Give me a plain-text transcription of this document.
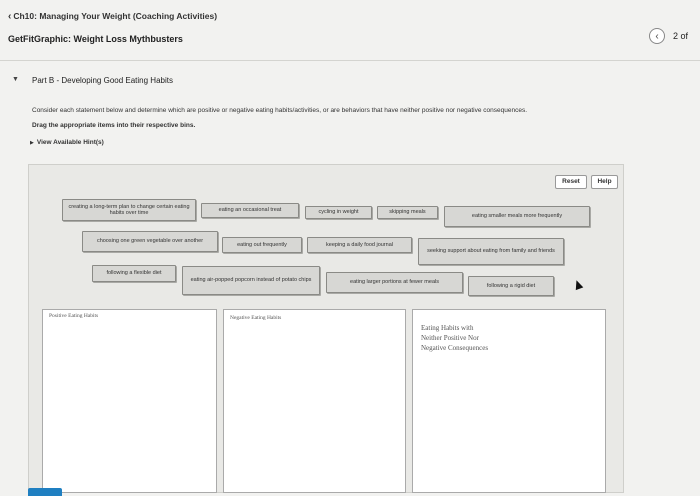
‹ Ch10: Managing Your Weight (Coaching Activities)
GetFitGraphic: Weight Loss Mythbusters	‹	2 of
▼ Part B - Developing Good Eating Habits
Consider each statement below and determine which are positive or negative eating habits/activities, or are behaviors that have neither positive nor negative consequences.
Drag the appropriate items into their respective bins.
▶ View Available Hint(s)
Reset	Help
creating a long-term plan to change certain eating habits over time	eating an occasional treat	cycling in weight	skipping meals
eating smaller meals more frequently
choosing one green vegetable over another
eating out frequently	keeping a daily food journal
seeking support about eating from family and friends
following a flexible diet
eating air-popped popcorn instead of potato chips	eating larger portions at fewer meals
following a rigid diet
Positive Eating Habits	Negative Eating Habits
Eating Habits with
Neither Positive Nor
Negative Consequences
